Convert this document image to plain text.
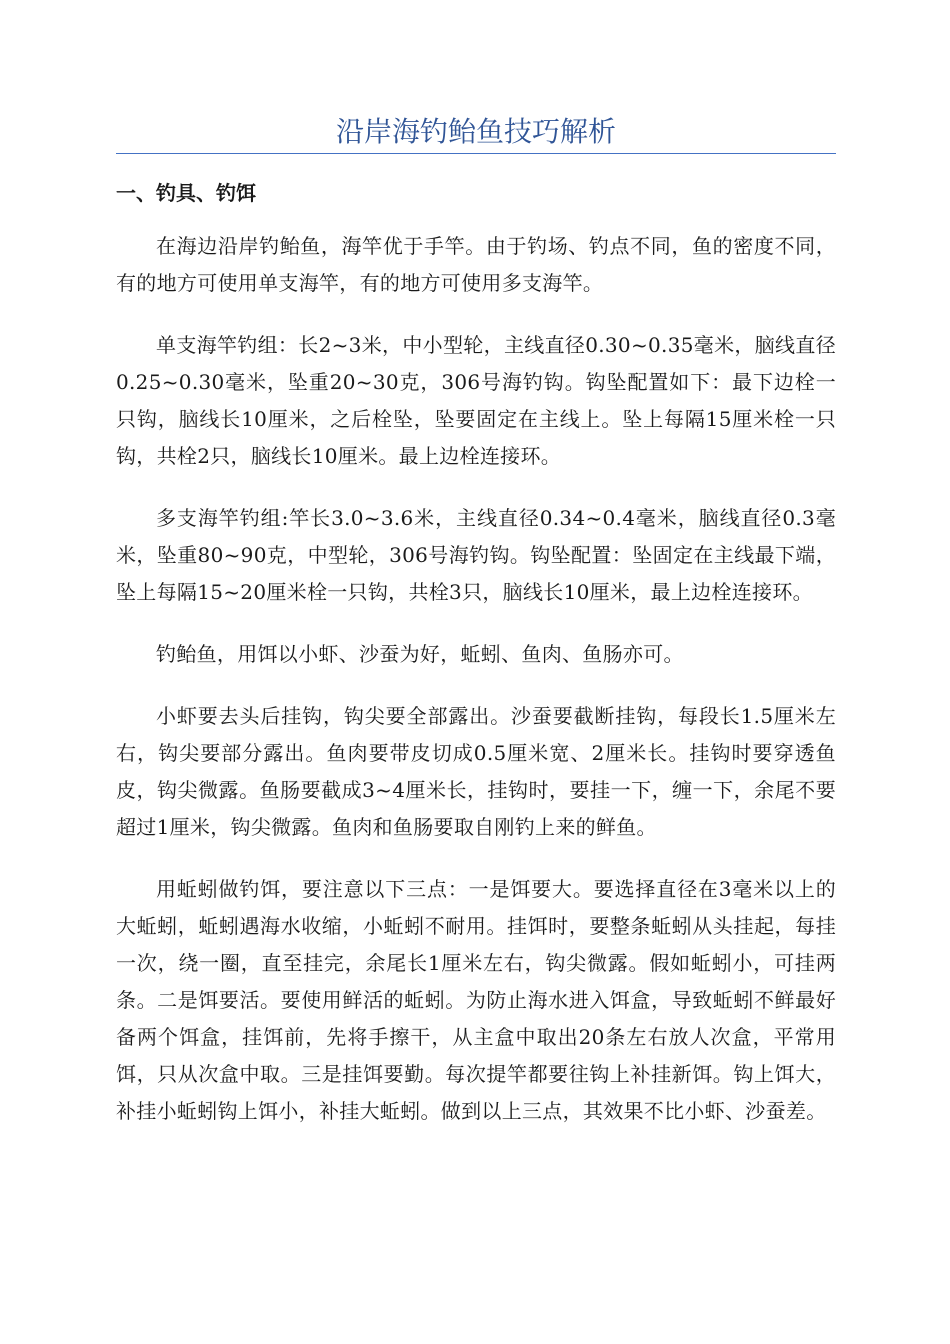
沿岸海钓鲐鱼技巧解析
一、钓具、钓饵

在海边沿岸钓鲐鱼，海竿优于手竿。由于钓场、钓点不同，鱼的密度不同，有的地方可使用单支海竿，有的地方可使用多支海竿。

单支海竿钓组：长2~3米，中小型轮，主线直径0.30~0.35毫米，脑线直径0.25~0.30毫米，坠重20~30克，306号海钓钩。钩坠配置如下：最下边栓一只钩，脑线长10厘米，之后栓坠，坠要固定在主线上。坠上每隔15厘米栓一只钩，共栓2只，脑线长10厘米。最上边栓连接环。

多支海竿钓组:竿长3.0~3.6米，主线直径0.34~0.4毫米，脑线直径0.3毫米，坠重80~90克，中型轮，306号海钓钩。钩坠配置：坠固定在主线最下端，坠上每隔15~20厘米栓一只钩，共栓3只，脑线长10厘米，最上边栓连接环。

钓鲐鱼，用饵以小虾、沙蚕为好，蚯蚓、鱼肉、鱼肠亦可。

小虾要去头后挂钩，钩尖要全部露出。沙蚕要截断挂钩，每段长1.5厘米左右，钩尖要部分露出。鱼肉要带皮切成0.5厘米宽、2厘米长。挂钩时要穿透鱼皮，钩尖微露。鱼肠要截成3~4厘米长，挂钩时，要挂一下，缠一下，余尾不要超过1厘米，钩尖微露。鱼肉和鱼肠要取自刚钓上来的鲜鱼。

用蚯蚓做钓饵，要注意以下三点：一是饵要大。要选择直径在3毫米以上的大蚯蚓，蚯蚓遇海水收缩，小蚯蚓不耐用。挂饵时，要整条蚯蚓从头挂起，每挂一次，绕一圈，直至挂完，余尾长1厘米左右，钩尖微露。假如蚯蚓小，可挂两条。二是饵要活。要使用鲜活的蚯蚓。为防止海水进入饵盒，导致蚯蚓不鲜最好备两个饵盒，挂饵前，先将手擦干，从主盒中取出20条左右放人次盒，平常用饵，只从次盒中取。三是挂饵要勤。每次提竿都要往钩上补挂新饵。钩上饵大，补挂小蚯蚓钩上饵小，补挂大蚯蚓。做到以上三点，其效果不比小虾、沙蚕差。
